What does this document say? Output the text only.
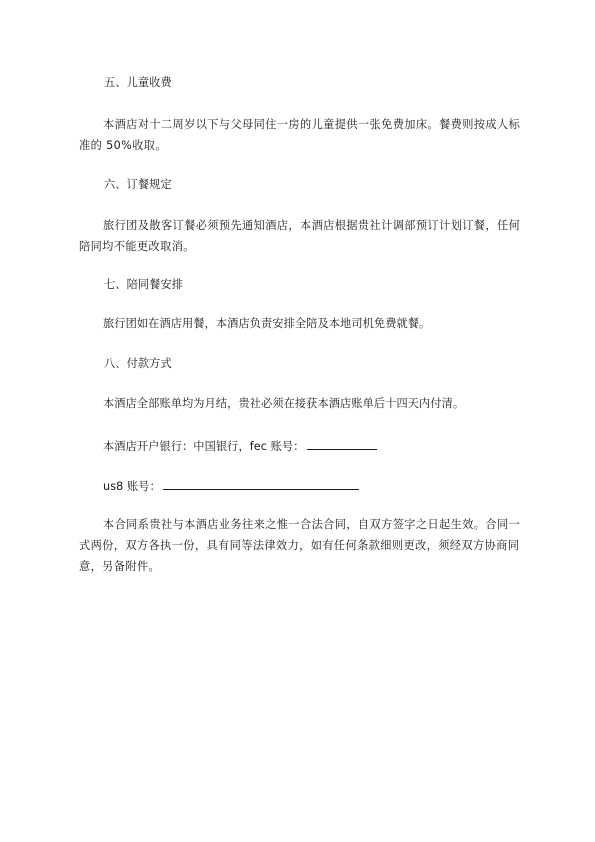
五、儿童收费
本酒店对十二周岁以下与父母同住一房的儿童提供一张免费加床。餐费则按成人标准的 50%收取。
六、订餐规定
旅行团及散客订餐必须预先通知酒店，本酒店根据贵社计调部预订计划订餐，任何陪同均不能更改取消。
七、陪同餐安排
旅行团如在酒店用餐，本酒店负责安排全陪及本地司机免费就餐。
八、付款方式
本酒店全部账单均为月结，贵社必须在接获本酒店账单后十四天内付清。
本酒店开户银行：中国银行，fec 账号：
us8 账号：
本合同系贵社与本酒店业务往来之惟一合法合同，自双方签字之日起生效。合同一式两份，双方各执一份，具有同等法律效力，如有任何条款细则更改，须经双方协商同意，另备附件。
